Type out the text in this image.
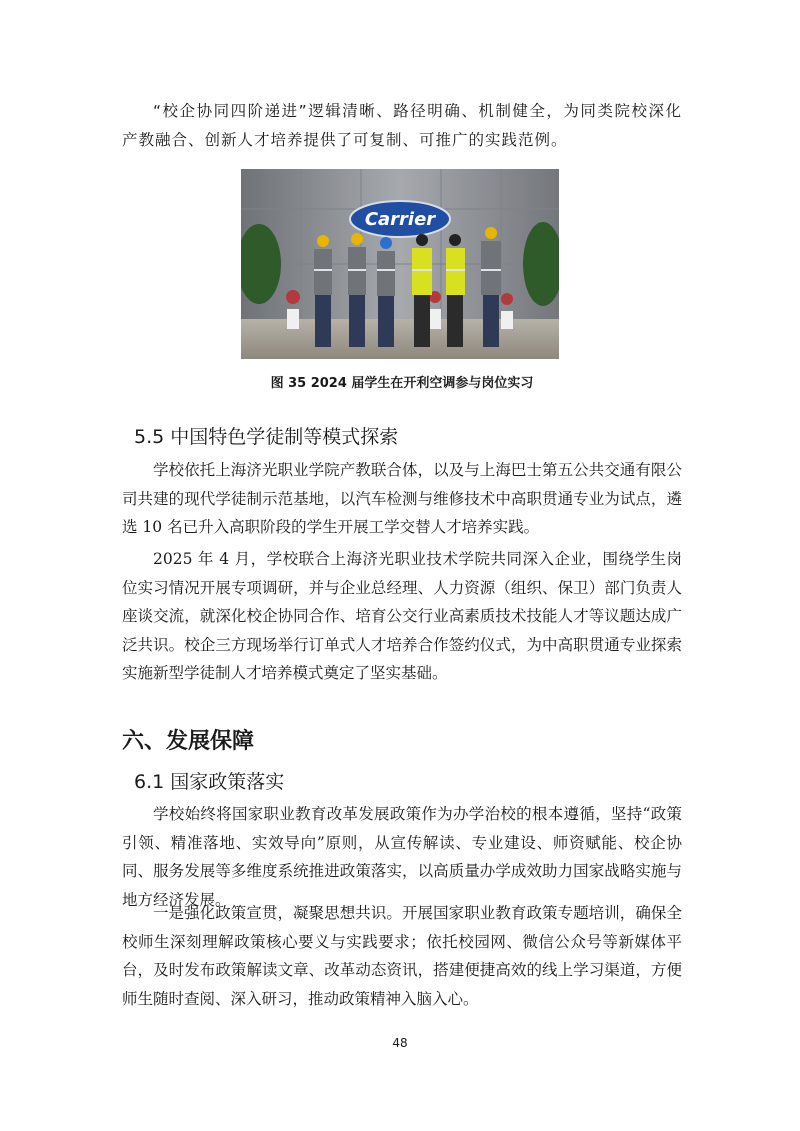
“校企协同四阶递进”逻辑清晰、路径明确、机制健全，为同类院校深化产教融合、创新人才培养提供了可复制、可推广的实践范例。

Carrier
图 35 2024 届学生在开利空调参与岗位实习
5.5 中国特色学徒制等模式探索

学校依托上海济光职业学院产教联合体，以及与上海巴士第五公共交通有限公司共建的现代学徒制示范基地，以汽车检测与维修技术中高职贯通专业为试点，遴选 10 名已升入高职阶段的学生开展工学交替人才培养实践。

2025 年 4 月，学校联合上海济光职业技术学院共同深入企业，围绕学生岗位实习情况开展专项调研，并与企业总经理、人力资源（组织、保卫）部门负责人座谈交流，就深化校企协同合作、培育公交行业高素质技术技能人才等议题达成广泛共识。校企三方现场举行订单式人才培养合作签约仪式，为中高职贯通专业探索实施新型学徒制人才培养模式奠定了坚实基础。

六、发展保障
6.1 国家政策落实

学校始终将国家职业教育改革发展政策作为办学治校的根本遵循，坚持“政策引领、精准落地、实效导向”原则，从宣传解读、专业建设、师资赋能、校企协同、服务发展等多维度系统推进政策落实，以高质量办学成效助力国家战略实施与地方经济发展。

一是强化政策宣贯，凝聚思想共识。开展国家职业教育政策专题培训，确保全校师生深刻理解政策核心要义与实践要求；依托校园网、微信公众号等新媒体平台，及时发布政策解读文章、改革动态资讯，搭建便捷高效的线上学习渠道，方便师生随时查阅、深入研习，推动政策精神入脑入心。

48
